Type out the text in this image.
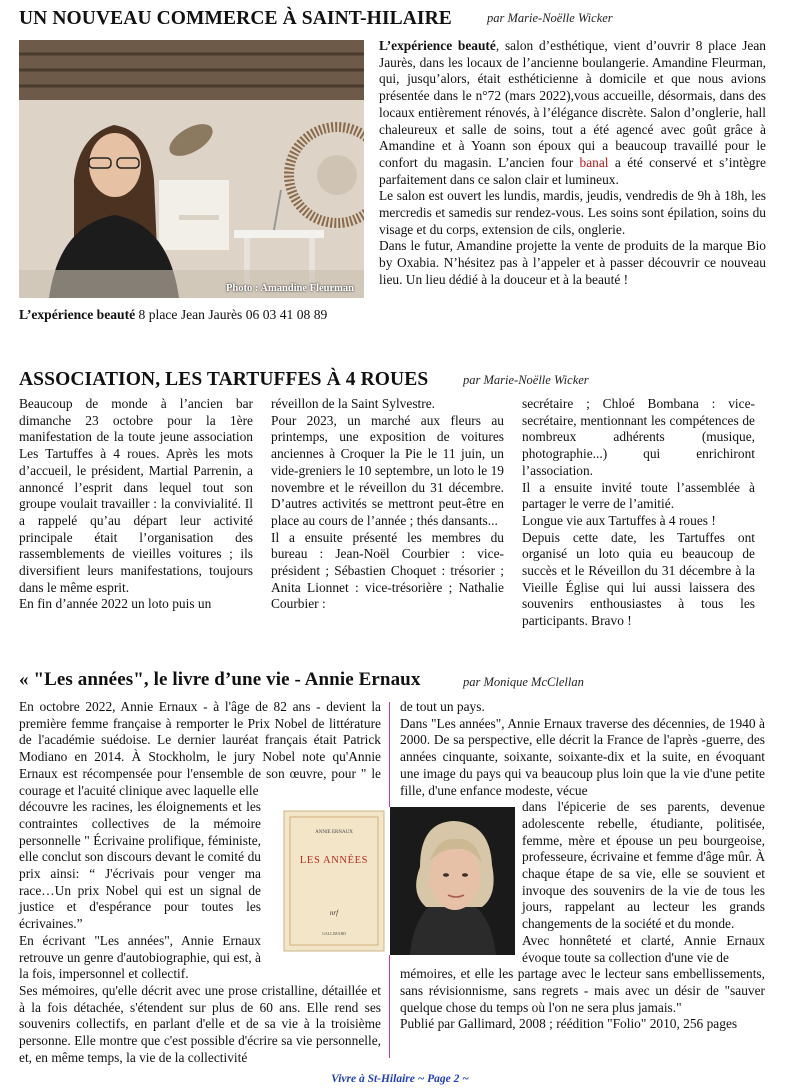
UN NOUVEAU COMMERCE À SAINT-HILAIRE	par Marie-Noëlle Wicker
Photo : Amandine Fleurman
L’expérience beauté 8 place Jean Jaurès 06 03 41 08 89

L’expérience beauté, salon d’esthétique, vient d’ouvrir 8 place Jean Jaurès, dans les locaux de l’ancienne boulangerie. Amandine Fleurman, qui, jusqu’alors, était esthéticienne à domicile et que nous avions présentée dans le n°72 (mars 2022),vous accueille, désormais, dans des locaux entièrement rénovés, à l’élégance discrète. Salon d’onglerie, hall chaleureux et salle de soins, tout a été agencé avec goût grâce à Amandine et à Yoann son époux qui a beaucoup travaillé pour le confort du magasin. L’ancien four banal a été conservé et s’intègre parfaitement dans ce salon clair et lumineux.

Le salon est ouvert les lundis, mardis, jeudis, vendredis de 9h à 18h, les mercredis et samedis sur rendez-vous. Les soins sont épilation, soins du visage et du corps, extension de cils, onglerie.

Dans le futur, Amandine projette la vente de produits de la marque Bio by Oxabia. N’hésitez pas à l’appeler et à passer découvrir ce nouveau lieu. Un lieu dédié à la douceur et à la beauté !

ASSOCIATION, LES TARTUFFES À 4 ROUES	par Marie-Noëlle Wicker

Beaucoup de monde à l’ancien bar dimanche 23 octobre pour la 1ère manifestation de la toute jeune association Les Tartuffes à 4 roues. Après les mots d’accueil, le président, Martial Parrenin, a annoncé l’esprit dans lequel tout son groupe voulait travailler : la convivialité. Il a rappelé qu’au départ leur activité principale était l’organisation des rassemblements de vieilles voitures ; ils diversifient leurs manifestations, toujours dans le même esprit.

En fin d’année 2022 un loto puis un

réveillon de la Saint Sylvestre.

Pour 2023, un marché aux fleurs au printemps, une exposition de voitures anciennes à Croquer la Pie le 11 juin, un vide-greniers le 10 septembre, un loto le 19 novembre et le réveillon du 31 décembre. D’autres activités se mettront peut-être en place au cours de l’année ; thés dansants...

Il a ensuite présenté les membres du bureau : Jean-Noël Courbier : vice-président ; Sébastien Choquet : trésorier ; Anita Lionnet : vice-trésorière ; Nathalie Courbier :

secrétaire ; Chloé Bombana : vice-secrétaire, mentionnant les compétences de nombreux adhérents (musique, photographie...) qui enrichiront l’association.

Il a ensuite invité toute l’assemblée à partager le verre de l’amitié.

Longue vie aux Tartuffes à 4 roues !

Depuis cette date, les Tartuffes ont organisé un loto quia eu beaucoup de succès et le Réveillon du 31 décembre à la Vieille Église qui lui aussi laissera des souvenirs enthousiastes à tous les participants. Bravo !

« "Les années", le livre d’une vie - Annie Ernaux	par Monique McClellan

En octobre 2022, Annie Ernaux - à l'âge de 82 ans - devient la première femme française à remporter le Prix Nobel de littérature de l'académie suédoise. Le dernier lauréat français était Patrick Modiano en 2014. À Stockholm, le jury Nobel note qu'Annie Ernaux est récompensée pour l'ensemble de son œuvre, pour " le courage et l'acuité clinique avec laquelle elle

découvre les racines, les éloignements et les contraintes collectives de la mémoire personnelle " Écrivaine prolifique, féministe, elle conclut son discours devant le comité du prix ainsi: “ J'écrivais pour venger ma race…Un prix Nobel qui est un signal de justice et d'espérance pour toutes les écrivaines.”

En écrivant "Les années", Annie Ernaux retrouve un genre d'autobiographie, qui est, à la fois, impersonnel et collectif.

Ses mémoires, qu'elle décrit avec une prose cristalline, détaillée et à la fois détachée, s'étendent sur plus de 60 ans. Elle rend ses souvenirs collectifs, en parlant d'elle et de sa vie à la troisième personne. Elle montre que c'est possible d'écrire sa vie personnelle, et, en même temps, la vie de la collectivité

de tout un pays.

Dans "Les années", Annie Ernaux traverse des décennies, de 1940 à 2000. De sa perspective, elle décrit la France de l'après -guerre, des années cinquante, soixante, soixante-dix et la suite, en évoquant une image du pays qui va beaucoup plus loin que la vie d'une petite fille, d'une enfance modeste, vécue

dans l'épicerie de ses parents, devenue adolescente rebelle, étudiante, politisée, femme, mère et épouse un peu bourgeoise, professeure, écrivaine et femme d'âge mûr. À chaque étape de sa vie, elle se souvient et invoque des souvenirs de la vie de tous les jours, rappelant au lecteur les grands changements de la société et du monde.

Avec honnêteté et clarté, Annie Ernaux évoque toute sa collection d'une vie de

mémoires, et elle les partage avec le lecteur sans embellissements, sans révisionnisme, sans regrets - mais avec un désir de "sauver quelque chose du temps où l'on ne sera plus jamais."

Publié par Gallimard, 2008 ; réédition "Folio" 2010, 256 pages

ANNIE ERNAUX
LES ANNÉES
nrf
GALLIMARD
Vivre à St-Hilaire ~ Page 2 ~
